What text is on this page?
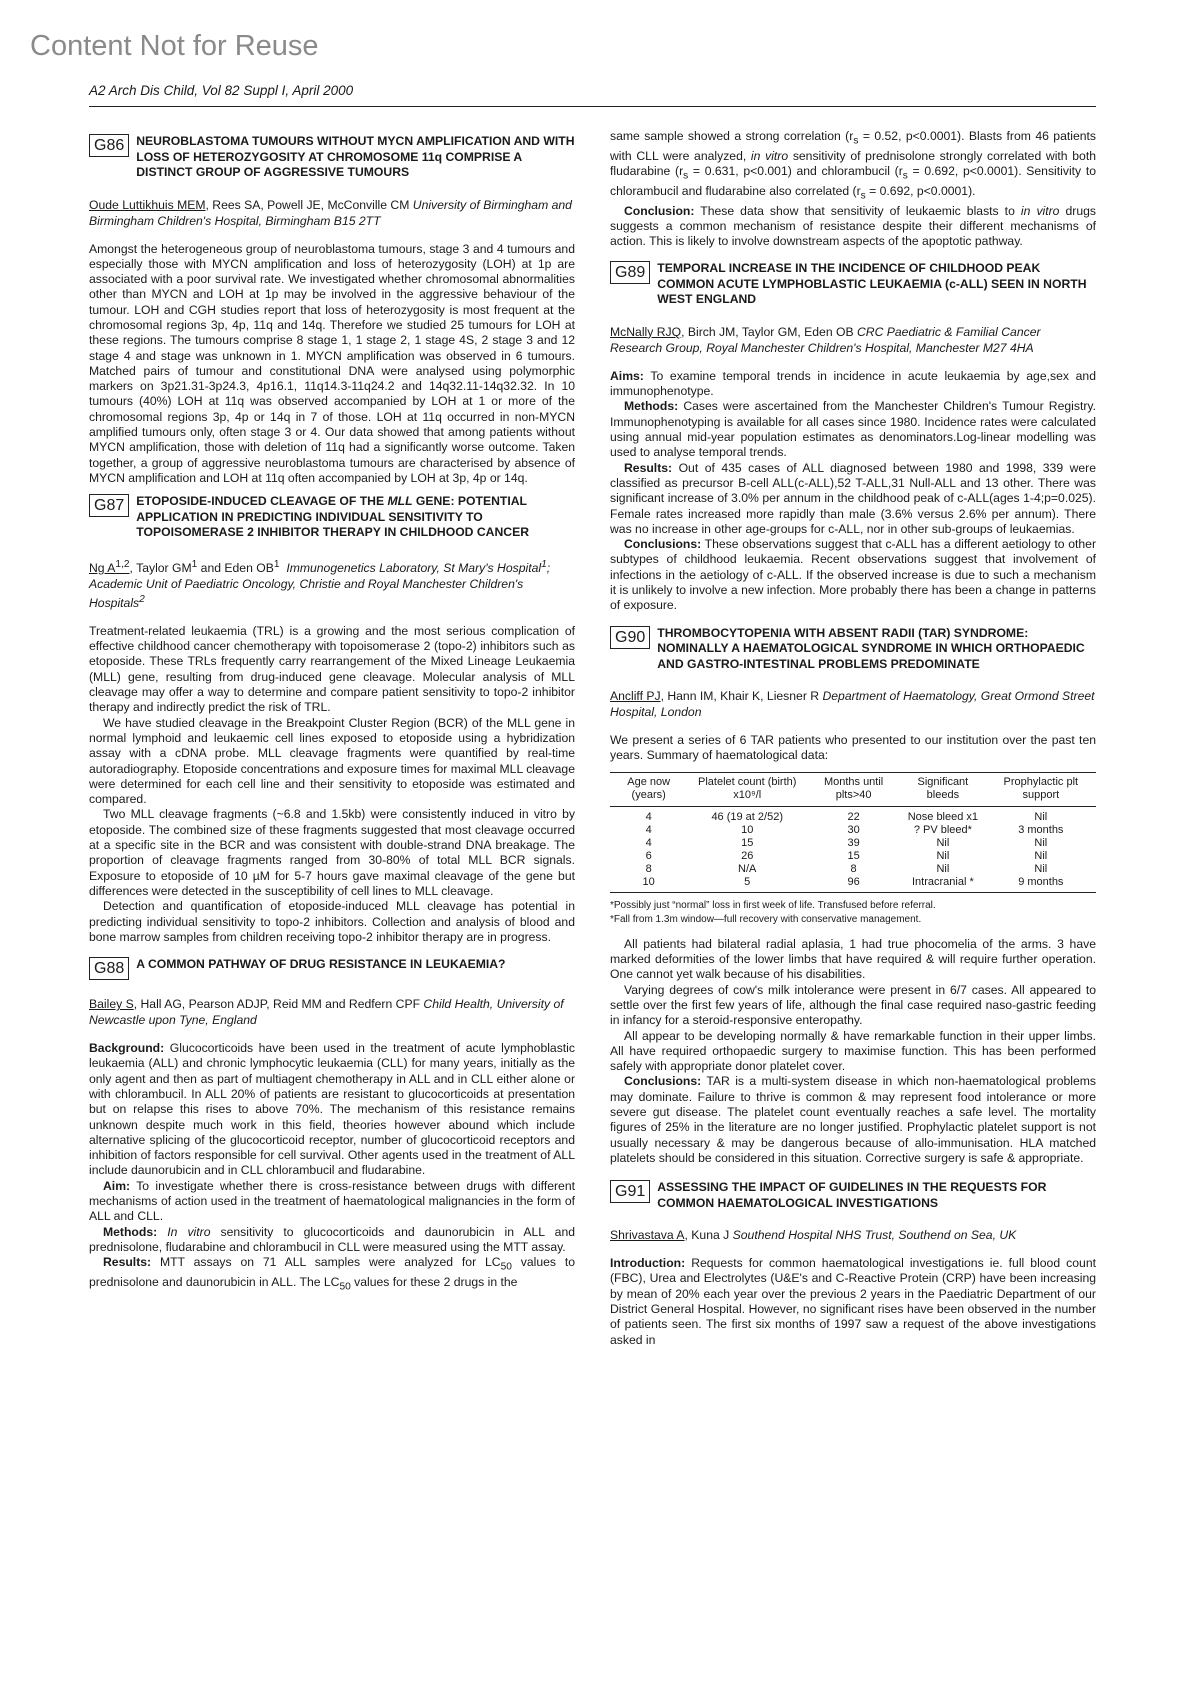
Content Not for Reuse
A2 Arch Dis Child, Vol 82 Suppl I, April 2000
G86 NEUROBLASTOMA TUMOURS WITHOUT MYCN AMPLIFICATION AND WITH LOSS OF HETEROZYGOSITY AT CHROMOSOME 11q COMPRISE A DISTINCT GROUP OF AGGRESSIVE TUMOURS

Oude Luttikhuis MEM, Rees SA, Powell JE, McConville CM University of Birmingham and Birmingham Children's Hospital, Birmingham B15 2TT

Amongst the heterogeneous group of neuroblastoma tumours, stage 3 and 4 tumours and especially those with MYCN amplification and loss of heterozygosity (LOH) at 1p are associated with a poor survival rate. We investigated whether chromosomal abnormalities other than MYCN and LOH at 1p may be involved in the aggressive behaviour of the tumour. LOH and CGH studies report that loss of heterozygosity is most frequent at the chromosomal regions 3p, 4p, 11q and 14q. Therefore we studied 25 tumours for LOH at these regions. The tumours comprise 8 stage 1, 1 stage 2, 1 stage 4S, 2 stage 3 and 12 stage 4 and stage was unknown in 1. MYCN amplification was observed in 6 tumours. Matched pairs of tumour and constitutional DNA were analysed using polymorphic markers on 3p21.31-3p24.3, 4p16.1, 11q14.3-11q24.2 and 14q32.11-14q32.32. In 10 tumours (40%) LOH at 11q was observed accompanied by LOH at 1 or more of the chromosomal regions 3p, 4p or 14q in 7 of those. LOH at 11q occurred in non-MYCN amplified tumours only, often stage 3 or 4. Our data showed that among patients without MYCN amplification, those with deletion of 11q had a significantly worse outcome. Taken together, a group of aggressive neuroblastoma tumours are characterised by absence of MYCN amplification and LOH at 11q often accompanied by LOH at 3p, 4p or 14q.

G87 ETOPOSIDE-INDUCED CLEAVAGE OF THE MLL GENE: POTENTIAL APPLICATION IN PREDICTING INDIVIDUAL SENSITIVITY TO TOPOISOMERASE 2 INHIBITOR THERAPY IN CHILDHOOD CANCER

Ng A$^{1,2}$, Taylor $GM^1$ and Eden $OB^1$ Immunogenetics Laboratory, St Mary's Hospital$^1$; Academic Unit of Paediatric Oncology, Christie and Royal Manchester Children's Hospitals$^2$

Treatment-related leukaemia (TRL) is a growing and the most serious complication of effective childhood cancer chemotherapy with topoisomerase 2 (topo-2) inhibitors such as etoposide. These TRLs frequently carry rearrangement of the Mixed Lineage Leukaemia (MLL) gene, resulting from drug-induced gene cleavage. Molecular analysis of MLL cleavage may offer a way to determine and compare patient sensitivity to topo-2 inhibitor therapy and indirectly predict the risk of TRL.

We have studied cleavage in the Breakpoint Cluster Region (BCR) of the MLL gene in normal lymphoid and leukaemic cell lines exposed to etoposide using a hybridization assay with a cDNA probe. MLL cleavage fragments were quantified by real-time autoradiography. Etoposide concentrations and exposure times for maximal MLL cleavage were determined for each cell line and their sensitivity to etoposide was estimated and compared.

Two MLL cleavage fragments (~6.8 and 1.5kb) were consistently induced in vitro by etoposide. The combined size of these fragments suggested that most cleavage occurred at a specific site in the BCR and was consistent with double-strand DNA breakage. The proportion of cleavage fragments ranged from 30-80% of total MLL BCR signals. Exposure to etoposide of 10 µM for 5-7 hours gave maximal cleavage of the gene but differences were detected in the susceptibility of cell lines to MLL cleavage.

Detection and quantification of etoposide-induced MLL cleavage has potential in predicting individual sensitivity to topo-2 inhibitors. Collection and analysis of blood and bone marrow samples from children receiving topo-2 inhibitor therapy are in progress.

G88 A COMMON PATHWAY OF DRUG RESISTANCE IN LEUKAEMIA?

Bailey S, Hall AG, Pearson ADJP, Reid MM and Redfern CPF Child Health, University of Newcastle upon Tyne, England

Background: Glucocorticoids have been used in the treatment of acute lymphoblastic leukaemia (ALL) and chronic lymphocytic leukaemia (CLL) for many years, initially as the only agent and then as part of multiagent chemotherapy in ALL and in CLL either alone or with chlorambucil. In ALL 20% of patients are resistant to glucocorticoids at presentation but on relapse this rises to above 70%. The mechanism of this resistance remains unknown despite much work in this field, theories however abound which include alternative splicing of the glucocorticoid receptor, number of glucocorticoid receptors and inhibition of factors responsible for cell survival. Other agents used in the treatment of ALL include daunorubicin and in CLL chlorambucil and fludarabine.

Aim: To investigate whether there is cross-resistance between drugs with different mechanisms of action used in the treatment of haematological malignancies in the form of ALL and CLL.

Methods: In vitro sensitivity to glucocorticoids and daunorubicin in ALL and prednisolone, fludarabine and chlorambucil in CLL were measured using the MTT assay.

Results: MTT assays on 71 ALL samples were analyzed for $LC_{50}$ values to prednisolone and daunorubicin in ALL. The $LC_{50}$ values for these 2 drugs in the

same sample showed a strong correlation ($r_s = 0.52$, p<0.0001). Blasts from 46 patients with CLL were analyzed, in vitro sensitivity of prednisolone strongly correlated with both fludarabine ($r_s = 0.631$, p<0.001) and chlorambucil ($r_s = 0.692$, p<0.0001). Sensitivity to chlorambucil and fludarabine also correlated ($r_s = 0.692$, p<0.0001).

Conclusion: These data show that sensitivity of leukaemic blasts to in vitro drugs suggests a common mechanism of resistance despite their different mechanisms of action. This is likely to involve downstream aspects of the apoptotic pathway.

G89 TEMPORAL INCREASE IN THE INCIDENCE OF CHILDHOOD PEAK COMMON ACUTE LYMPHOBLASTIC LEUKAEMIA (c-ALL) SEEN IN NORTH WEST ENGLAND

McNally RJQ, Birch JM, Taylor GM, Eden OB CRC Paediatric & Familial Cancer Research Group, Royal Manchester Children's Hospital, Manchester M27 4HA

Aims: To examine temporal trends in incidence in acute leukaemia by age,sex and immunophenotype.

Methods: Cases were ascertained from the Manchester Children's Tumour Registry. Immunophenotyping is available for all cases since 1980. Incidence rates were calculated using annual mid-year population estimates as denominators.Log-linear modelling was used to analyse temporal trends.

Results: Out of 435 cases of ALL diagnosed between 1980 and 1998, 339 were classified as precursor B-cell ALL(c-ALL),52 T-ALL,31 Null-ALL and 13 other. There was significant increase of 3.0% per annum in the childhood peak of c-ALL(ages 1-4;p=0.025). Female rates increased more rapidly than male (3.6% versus 2.6% per annum). There was no increase in other age-groups for c-ALL, nor in other sub-groups of leukaemias.

Conclusions: These observations suggest that c-ALL has a different aetiology to other subtypes of childhood leukaemia. Recent observations suggest that involvement of infections in the aetiology of c-ALL. If the observed increase is due to such a mechanism it is unlikely to involve a new infection. More probably there has been a change in patterns of exposure.

G90 THROMBOCYTOPENIA WITH ABSENT RADII (TAR) SYNDROME: NOMINALLY A HAEMATOLOGICAL SYNDROME IN WHICH ORTHOPAEDIC AND GASTRO-INTESTINAL PROBLEMS PREDOMINATE

Ancliff PJ, Hann IM, Khair K, Liesner R Department of Haematology, Great Ormond Street Hospital, London

We present a series of 6 TAR patients who presented to our institution over the past ten years. Summary of haematological data:

Age now (years)	Platelet count (birth) x10⁹/l	Months until plts>40	Significant bleeds	Prophylactic plt support
4	46 (19 at 2/52)	22	Nose bleed x1	Nil
4	10	30	? PV bleed*	3 months
4	15	39	Nil	Nil
6	26	15	Nil	Nil
8	N/A	8	Nil	Nil
10	5	96	Intracranial *	9 months
*Possibly just “normal” loss in first week of life. Transfused before referral.
*Fall from 1.3m window—full recovery with conservative management.

All patients had bilateral radial aplasia, 1 had true phocomelia of the arms. 3 have marked deformities of the lower limbs that have required & will require further operation. One cannot yet walk because of his disabilities.

Varying degrees of cow's milk intolerance were present in 6/7 cases. All appeared to settle over the first few years of life, although the final case required naso-gastric feeding in infancy for a steroid-responsive enteropathy.

All appear to be developing normally & have remarkable function in their upper limbs. All have required orthopaedic surgery to maximise function. This has been performed safely with appropriate donor platelet cover.

Conclusions: TAR is a multi-system disease in which non-haematological problems may dominate. Failure to thrive is common & may represent food intolerance or more severe gut disease. The platelet count eventually reaches a safe level. The mortality figures of 25% in the literature are no longer justified. Prophylactic platelet support is not usually necessary & may be dangerous because of allo-immunisation. HLA matched platelets should be considered in this situation. Corrective surgery is safe & appropriate.

G91 ASSESSING THE IMPACT OF GUIDELINES IN THE REQUESTS FOR COMMON HAEMATOLOGICAL INVESTIGATIONS

Shrivastava A, Kuna J Southend Hospital NHS Trust, Southend on Sea, UK

Introduction: Requests for common haematological investigations ie. full blood count (FBC), Urea and Electrolytes (U&E's and C-Reactive Protein (CRP) have been increasing by mean of 20% each year over the previous 2 years in the Paediatric Department of our District General Hospital. However, no significant rises have been observed in the number of patients seen. The first six months of 1997 saw a request of the above investigations asked in
